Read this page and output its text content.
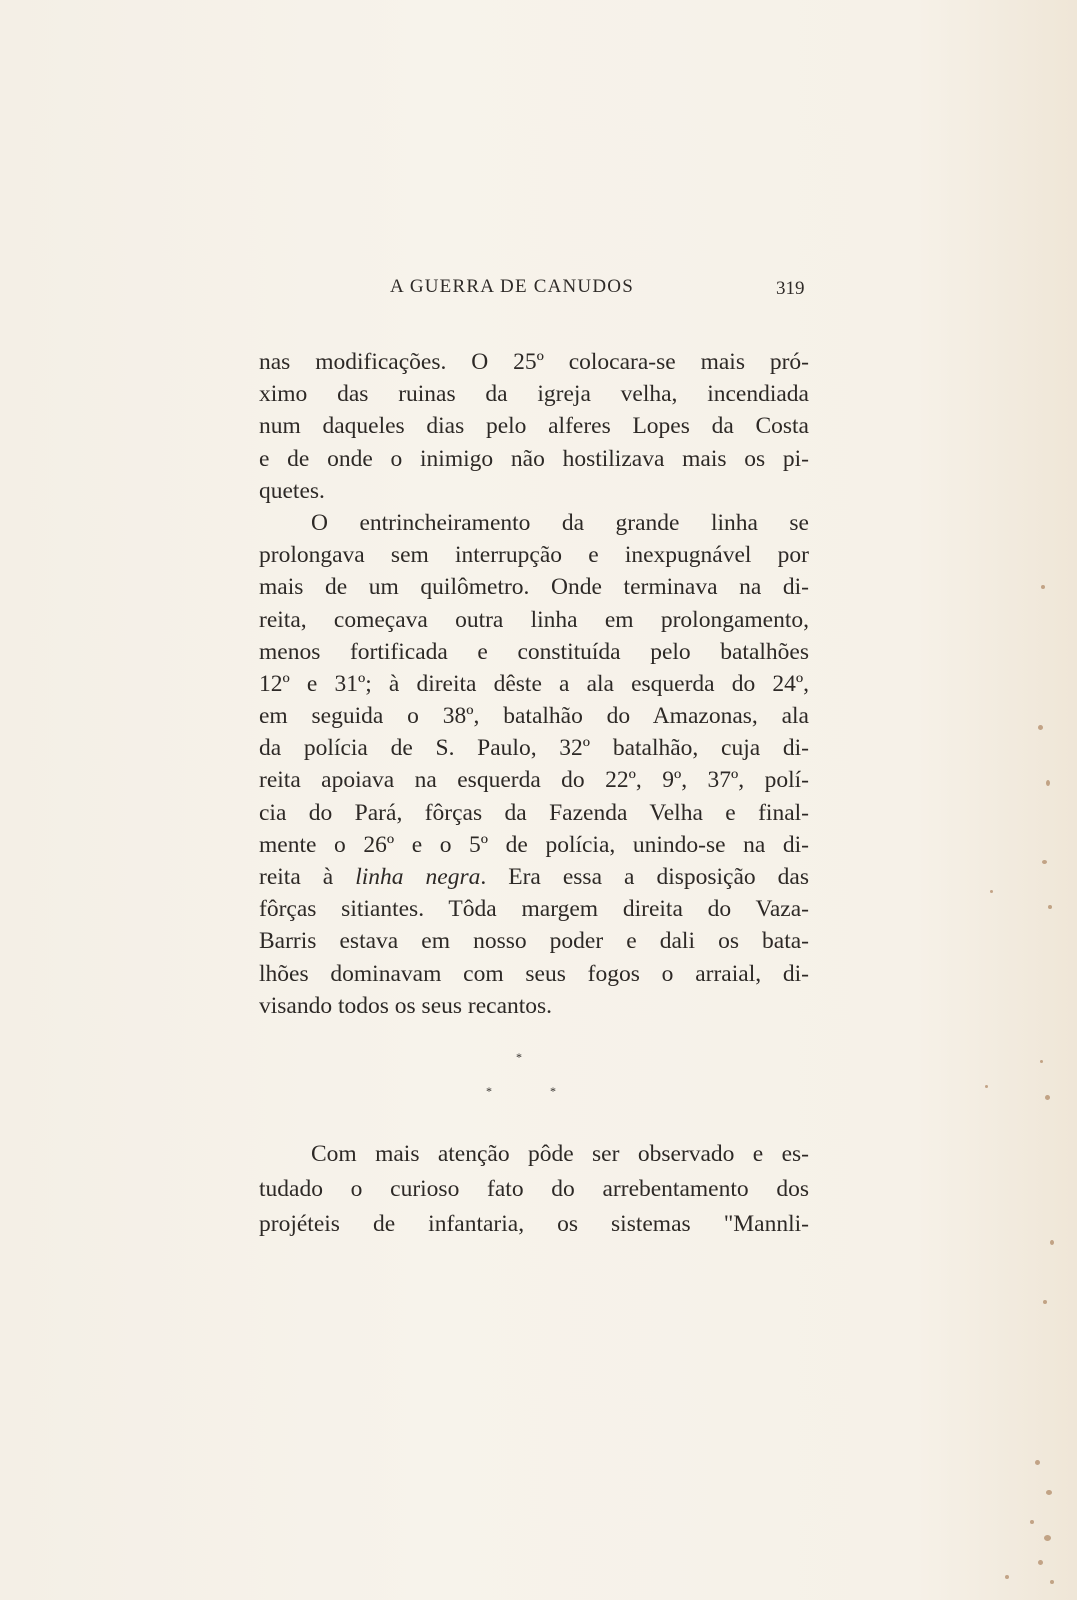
A GUERRA DE CANUDOS	319
nas modificações. O 25º colocara-se mais pró-
ximo das ruinas da igreja velha, incendiada
num daqueles dias pelo alferes Lopes da Costa
e de onde o inimigo não hostilizava mais os pi-
quetes.
O entrincheiramento da grande linha se
prolongava sem interrupção e inexpugnável por
mais de um quilômetro. Onde terminava na di-
reita, começava outra linha em prolongamento,
menos fortificada e constituída pelo batalhões
12º e 31º; à direita dêste a ala esquerda do 24º,
em seguida o 38º, batalhão do Amazonas, ala
da polícia de S. Paulo, 32º batalhão, cuja di-
reita apoiava na esquerda do 22º, 9º, 37º, polí-
cia do Pará, fôrças da Fazenda Velha e final-
mente o 26º e o 5º de polícia, unindo-se na di-
reita à linha negra. Era essa a disposição das
fôrças sitiantes. Tôda margem direita do Vaza-
Barris estava em nosso poder e dali os bata-
lhões dominavam com seus fogos o arraial, di-
visando todos os seus recantos.
*
*	*
Com mais atenção pôde ser observado e es-
tudado o curioso fato do arrebentamento dos
projéteis de infantaria, os sistemas "Mannli-
